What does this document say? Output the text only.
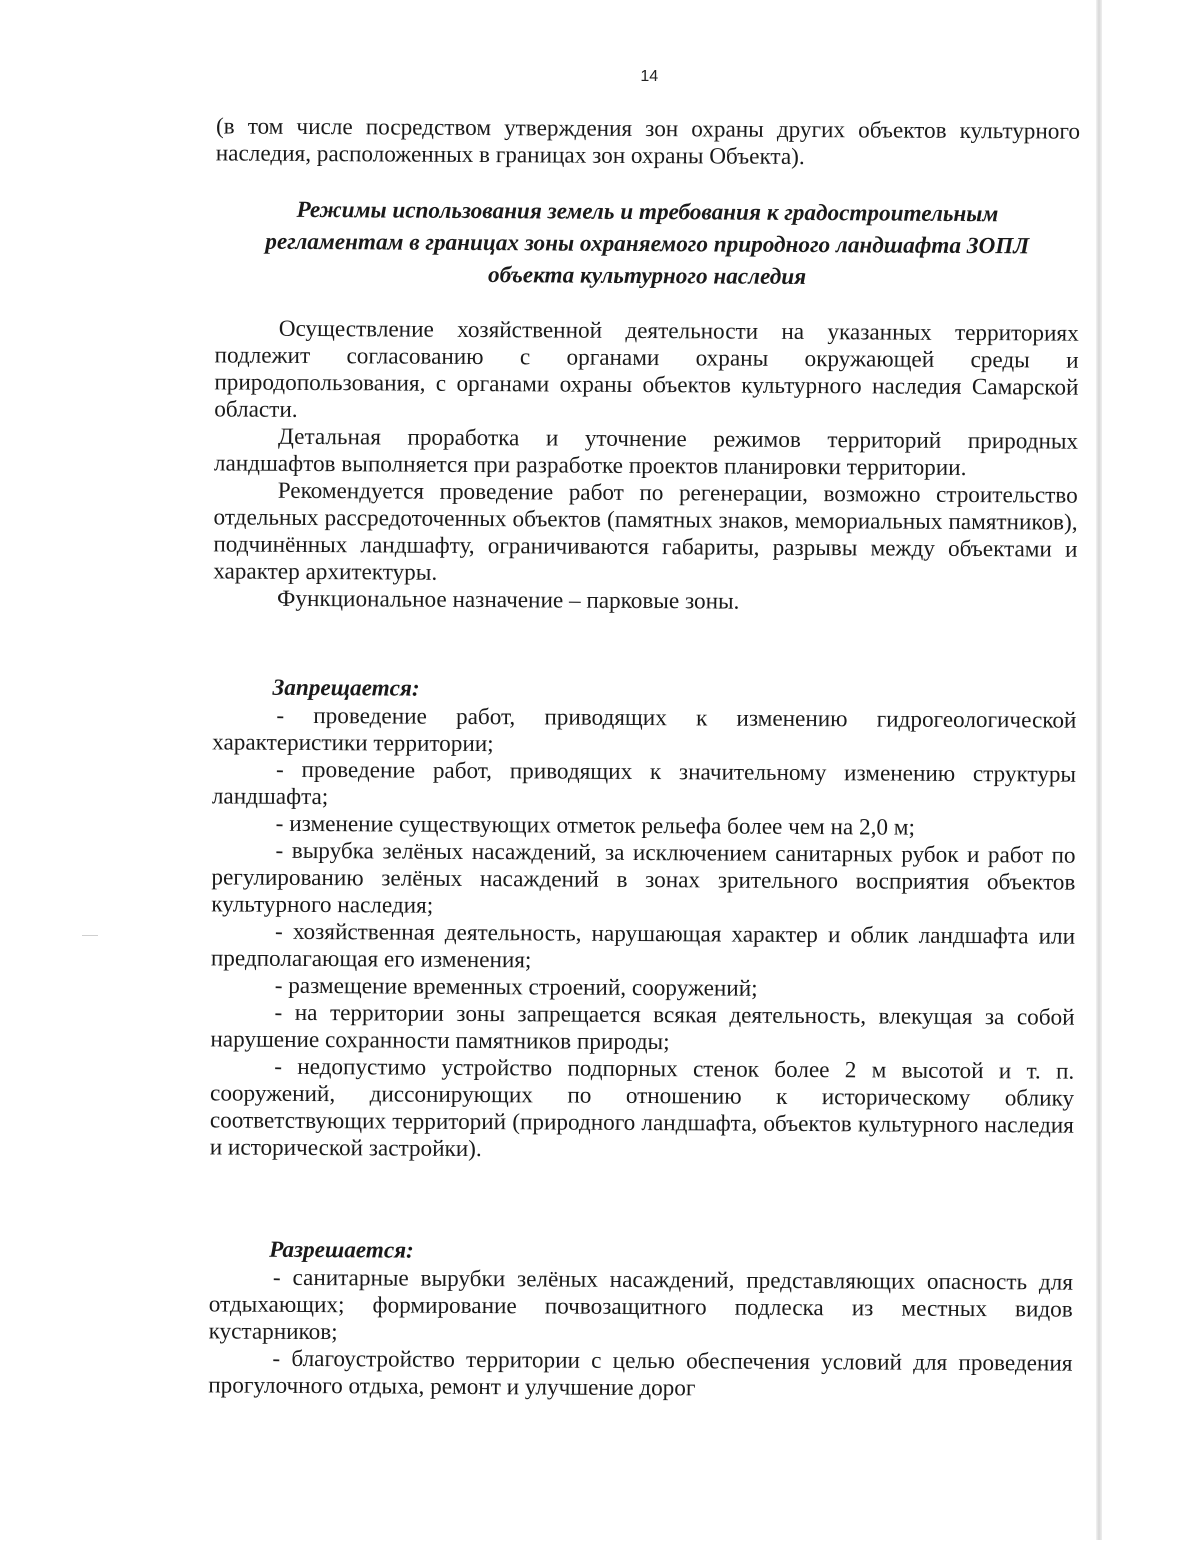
14

(в том числе посредством утверждения зон охраны других объектов культурного наследия, расположенных в границах зон охраны Объекта).

Режимы использования земель и требования к градостроительным
регламентам в границах зоны охраняемого природного ландшафта ЗОПЛ
объекта культурного наследия

Осуществление хозяйственной деятельности на указанных территориях подлежит согласованию с органами охраны окружающей среды и природопользования, с органами охраны объектов культурного наследия Самарской области.

Детальная проработка и уточнение режимов территорий природных ландшафтов выполняется при разработке проектов планировки территории.

Рекомендуется проведение работ по регенерации, возможно строительство отдельных рассредоточенных объектов (памятных знаков, мемориальных памятников), подчинённых ландшафту, ограничиваются габариты, разрывы между объектами и характер архитектуры.

Функциональное назначение – парковые зоны.

Запрещается:

- проведение работ, приводящих к изменению гидрогеологической характеристики территории;

- проведение работ, приводящих к значительному изменению структуры ландшафта;

- изменение существующих отметок рельефа более чем на 2,0 м;

- вырубка зелёных насаждений, за исключением санитарных рубок и работ по регулированию зелёных насаждений в зонах зрительного восприятия объектов культурного наследия;

- хозяйственная деятельность, нарушающая характер и облик ландшафта или предполагающая его изменения;

- размещение временных строений, сооружений;

- на территории зоны запрещается всякая деятельность, влекущая за собой нарушение сохранности памятников природы;

- недопустимо устройство подпорных стенок более 2 м высотой и т. п. сооружений, диссонирующих по отношению к историческому облику соответствующих территорий (природного ландшафта, объектов культурного наследия и исторической застройки).

Разрешается:

- санитарные вырубки зелёных насаждений, представляющих опасность для отдыхающих; формирование почвозащитного подлеска из местных видов кустарников;

- благоустройство территории с целью обеспечения условий для проведения прогулочного отдыха, ремонт и улучшение дорог
